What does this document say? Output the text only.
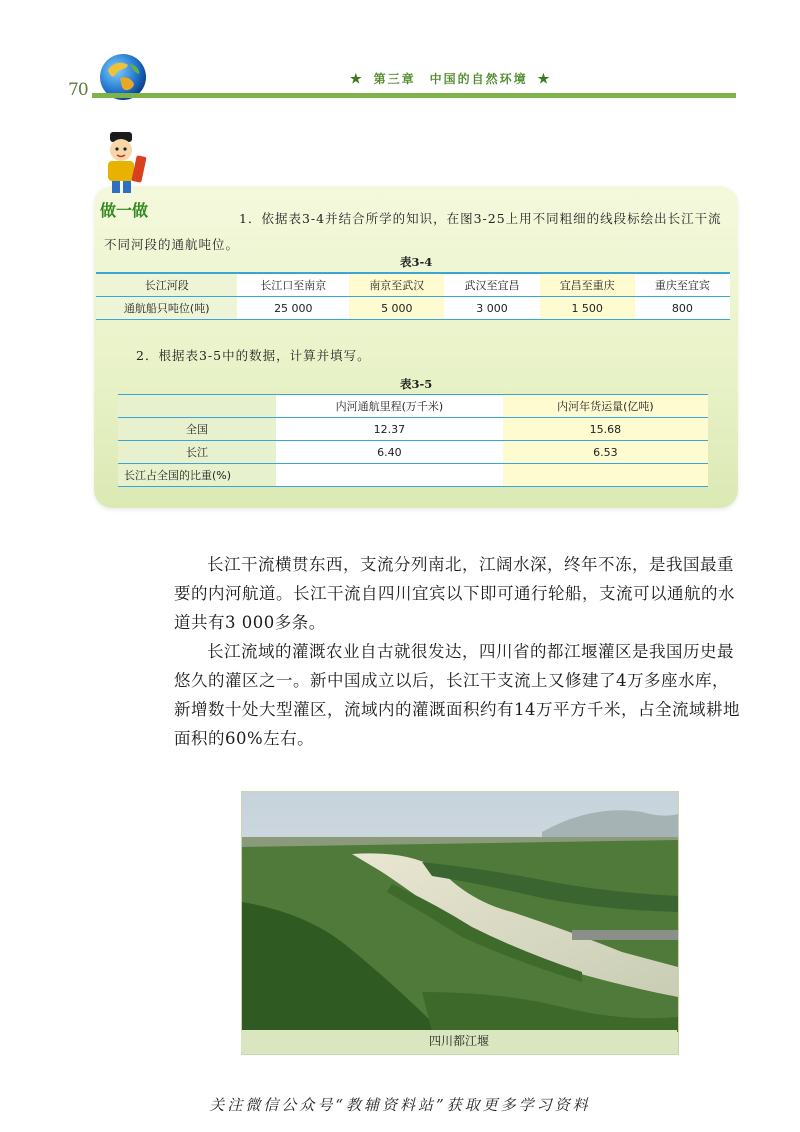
70
★ 第三章　中国的自然环境 ★
做一做	1．依据表3-4并结合所学的知识，在图3-25上用不同粗细的线段标绘出长江干流不同河段的通航吨位。
表3-4
长江河段	长江口至南京	南京至武汉	武汉至宜昌	宜昌至重庆	重庆至宜宾
通航船只吨位(吨)	25 000	5 000	3 000	1 500	800
2．根据表3-5中的数据，计算并填写。
表3-5
	内河通航里程(万千米)	内河年货运量(亿吨)
全国	12.37	15.68
长江	6.40	6.53
长江占全国的比重(%)		

长江干流横贯东西，支流分列南北，江阔水深，终年不冻，是我国最重要的内河航道。长江干流自四川宜宾以下即可通行轮船，支流可以通航的水道共有3 000多条。

长江流域的灌溉农业自古就很发达，四川省的都江堰灌区是我国历史最悠久的灌区之一。新中国成立以后，长江干支流上又修建了4万多座水库，新增数十处大型灌区，流域内的灌溉面积约有14万平方千米，占全流域耕地面积的60%左右。

四川都江堰
关注微信公众号“教辅资料站”获取更多学习资料
